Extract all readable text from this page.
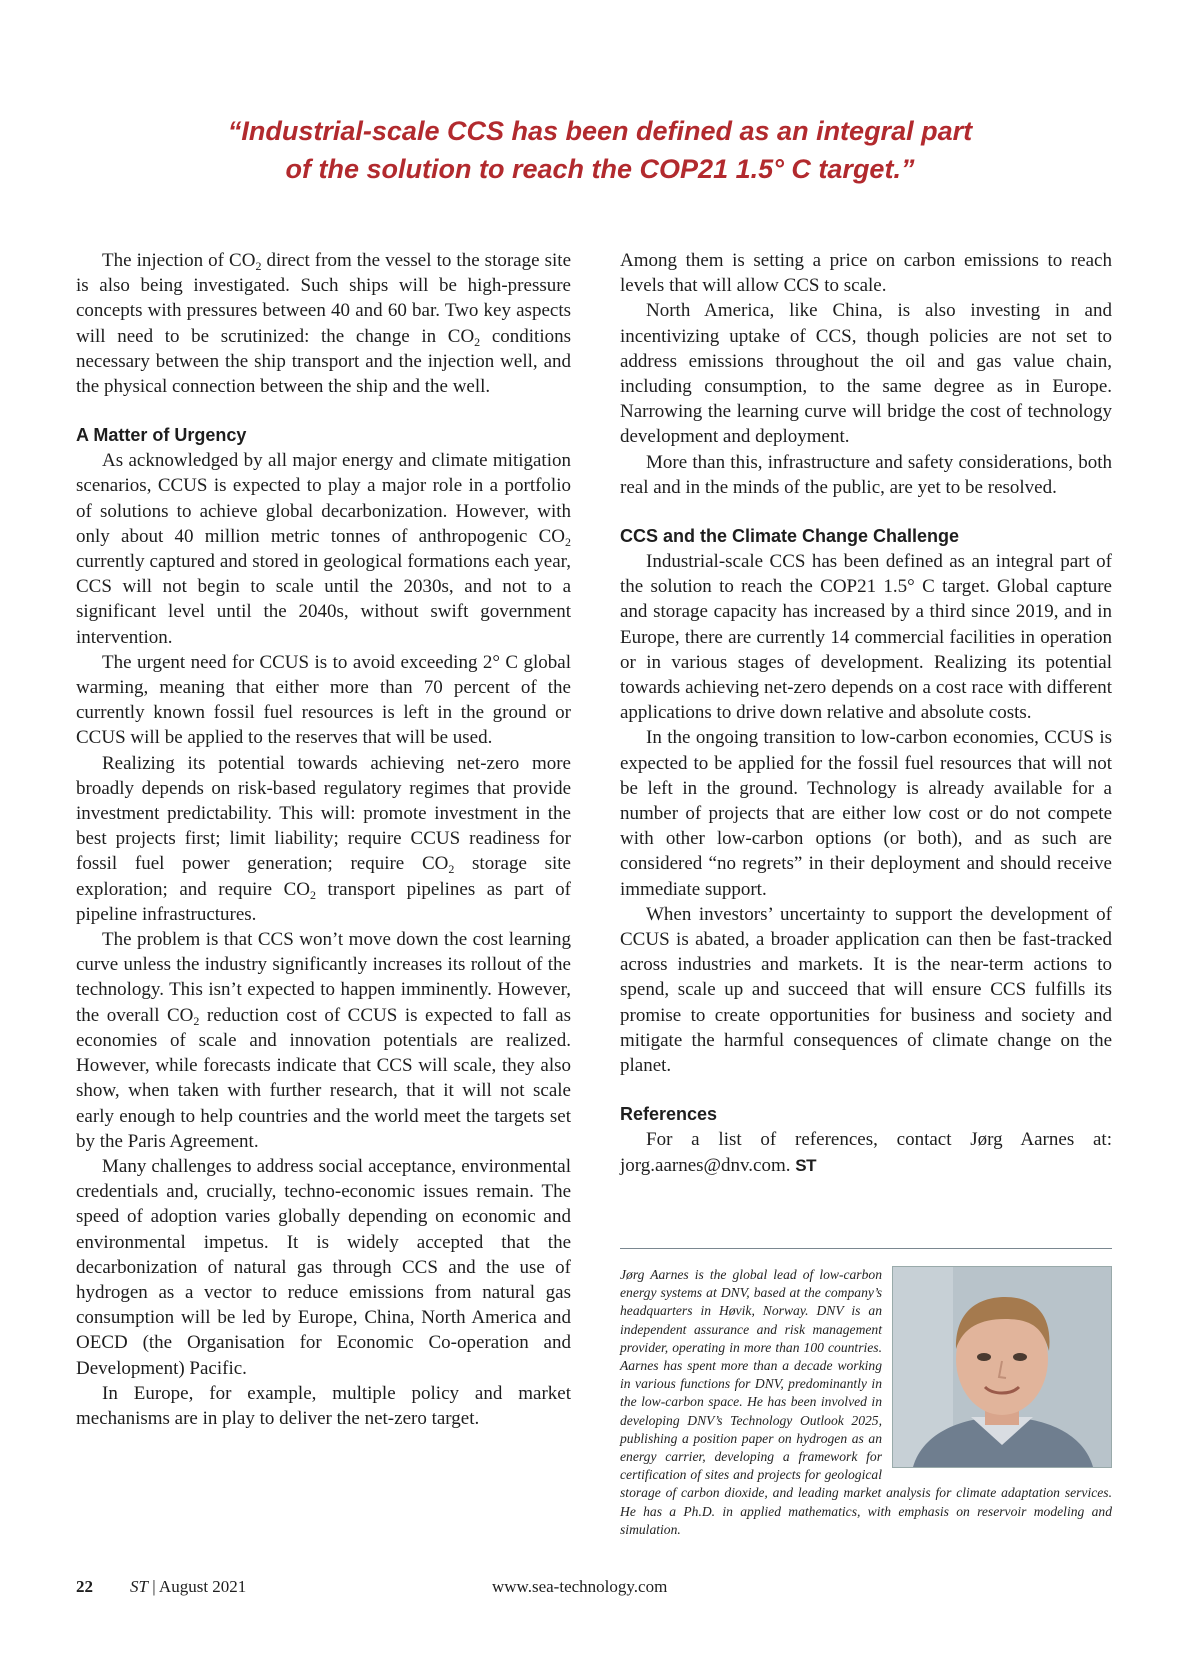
“Industrial-scale CCS has been defined as an integral part
of the solution to reach the COP21 1.5° C target.”

The injection of $CO_2$ direct from the vessel to the storage site is also being investigated. Such ships will be high-pressure concepts with pressures between 40 and 60 bar. Two key aspects will need to be scrutinized: the change in $CO_2$ conditions necessary between the ship transport and the injection well, and the physical connection between the ship and the well.

A Matter of Urgency

As acknowledged by all major energy and climate mitigation scenarios, CCUS is expected to play a major role in a portfolio of solutions to achieve global decarbonization. However, with only about 40 million metric tonnes of anthropogenic $CO_2$ currently captured and stored in geological formations each year, CCS will not begin to scale until the 2030s, and not to a significant level until the 2040s, without swift government intervention.

The urgent need for CCUS is to avoid exceeding 2° C global warming, meaning that either more than 70 percent of the currently known fossil fuel resources is left in the ground or CCUS will be applied to the reserves that will be used.

Realizing its potential towards achieving net-zero more broadly depends on risk-based regulatory regimes that provide investment predictability. This will: promote investment in the best projects first; limit liability; require CCUS readiness for fossil fuel power generation; require $CO_2$ storage site exploration; and require $CO_2$ transport pipelines as part of pipeline infrastructures.

The problem is that CCS won’t move down the cost learning curve unless the industry significantly increases its rollout of the technology. This isn’t expected to happen imminently. However, the overall $CO_2$ reduction cost of CCUS is expected to fall as economies of scale and innovation potentials are realized. However, while forecasts indicate that CCS will scale, they also show, when taken with further research, that it will not scale early enough to help countries and the world meet the targets set by the Paris Agreement.

Many challenges to address social acceptance, environmental credentials and, crucially, techno-economic issues remain. The speed of adoption varies globally depending on economic and environmental impetus. It is widely accepted that the decarbonization of natural gas through CCS and the use of hydrogen as a vector to reduce emissions from natural gas consumption will be led by Europe, China, North America and OECD (the Organisation for Economic Co-operation and Development) Pacific.

In Europe, for example, multiple policy and market mechanisms are in play to deliver the net-zero target.

Among them is setting a price on carbon emissions to reach levels that will allow CCS to scale.

North America, like China, is also investing in and incentivizing uptake of CCS, though policies are not set to address emissions throughout the oil and gas value chain, including consumption, to the same degree as in Europe. Narrowing the learning curve will bridge the cost of technology development and deployment.

More than this, infrastructure and safety considerations, both real and in the minds of the public, are yet to be resolved.

CCS and the Climate Change Challenge

Industrial-scale CCS has been defined as an integral part of the solution to reach the COP21 1.5° C target. Global capture and storage capacity has increased by a third since 2019, and in Europe, there are currently 14 commercial facilities in operation or in various stages of development. Realizing its potential towards achieving net-zero depends on a cost race with different applications to drive down relative and absolute costs.

In the ongoing transition to low-carbon economies, CCUS is expected to be applied for the fossil fuel resources that will not be left in the ground. Technology is already available for a number of projects that are either low cost or do not compete with other low-carbon options (or both), and as such are considered “no regrets” in their deployment and should receive immediate support.

When investors’ uncertainty to support the development of CCUS is abated, a broader application can then be fast-tracked across industries and markets. It is the near-term actions to spend, scale up and succeed that will ensure CCS fulfills its promise to create opportunities for business and society and mitigate the harmful consequences of climate change on the planet.

References

For a list of references, contact Jørg Aarnes at: jorg.aarnes@dnv.com. ST

Jørg Aarnes is the global lead of low-carbon energy systems at DNV, based at the company’s headquarters in Høvik, Norway. DNV is an independent assurance and risk management provider, operating in more than 100 countries. Aarnes has spent more than a decade working in various functions for DNV, predominantly in the low-carbon space. He has been involved in developing DNV’s Technology Outlook 2025, publishing a position paper on hydrogen as an energy carrier, developing a framework for certification of sites and projects for geological storage of carbon dioxide, and leading market analysis for climate adaptation services. He has a Ph.D. in applied mathematics, with emphasis on reservoir modeling and simulation.
22 ST | August 2021	www.sea-technology.com
